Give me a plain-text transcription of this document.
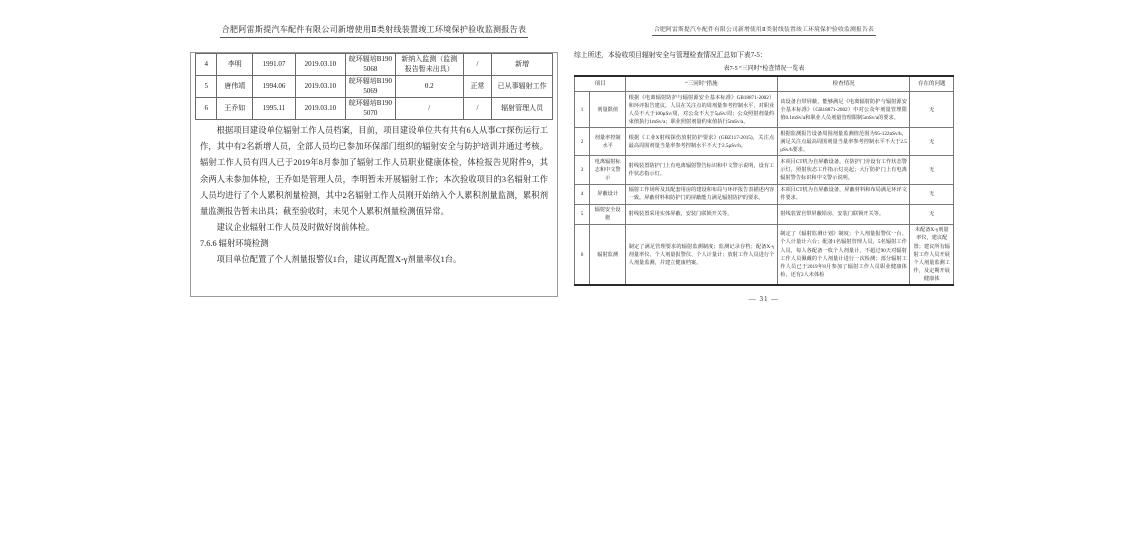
合肥阿雷斯提汽车配件有限公司新增使用Ⅱ类射线装置竣工环境保护验收监测报告表
4	李明	1991.07	2019.03.10	皖环辐培B1905068	新纳入监测（监测报告暂未出具）	/	新增
5	唐伟靖	1994.06	2019.03.10	皖环辐培B1905069	0.2	正常	已从事辐射工作
6	王乔如	1995.11	2019.03.10	皖环辐培B1905070	/	/	辐射管理人员

根据项目建设单位辐射工作人员档案，目前，项目建设单位共有共有6人从事CT探伤运行工作，其中有2名新增人员，全部人员均已参加环保部门组织的辐射安全与防护培训并通过考核。辐射工作人员有四人已于2019年8月参加了辐射工作人员职业健康体检，体检报告见附件9，其余两人未参加体检，王乔如是管理人员，李明暂未开展辐射工作；本次验收项目的3名辐射工作人员均进行了个人累积剂量检测，其中2名辐射工作人员刚开始纳入个人累积剂量监测，累积剂量监测报告暂未出具；截至验收时，未见个人累积剂量检测值异常。

建议企业辐射工作人员及时做好岗前体检。

7.6.6 辐射环境检测

项目单位配置了个人剂量报警仪1台，建议再配置X-γ剂量率仪1台。

合肥阿雷斯提汽车配件有限公司新增使用Ⅱ类射线装置竣工环境保护验收监测报告表
综上所述，本验收项目辐射安全与管理检查情况汇总如下表7-5：
表7-5 “三同时”检查情况一览表
项目		“三同时”措施	检查情况	存在的问题
1	剂量限值	根据《电离辐射防护与辐射源安全基本标准》GB18871-2002）和环评报告建议，人员在关注点的周剂量参考控制水平，对职业人员不大于100μSv/周，对公众不大于5μSv/周；公众照射剂量约束值执行1mSv/a；职业照射剂量约束值执行5mSv/a。	该设备自带屏蔽，能够满足《电离辐射防护与辐射源安全基本标准》（GB18871-2002）中对公众年剂量管理限值0.1mSv/a和职业人员剂量管理限制5mSv/a的要求。	无
2	剂量率控制水平	根据《工业X射线探伤放射防护要求》(GBZ117-2015)，关注点最高周围剂量当量率参考控制水平不大于2.5μSv/h。	根据监测报告设备周围剂量监测值范围为95-122nSv/h，满足关注点最高周围剂量当量率参考控制水平不大于2.5μSv/h要求。	无
3	电离辐射标志和中文警示	射线装置防护门上有电离辐射警告标识和中文警示说明，设有工作状态指示灯。	本项目CT机为自屏蔽设备，在防护门旁设有工作状态警示灯，照射状态工作指示灯亮起；大厅防护门上有电离辐射警告标识和中文警示说明。	无
4	屏蔽设计	辐射工作场所及其配套用房的建设和布局与环评报告表描述内容一致。屏蔽材料和防护门的屏蔽能力满足辐射防护的要求。	本项目CT机为自屏蔽设备，屏蔽材料和布局满足环评文件要求。	无
5	辐射安全设施	射线装置采用实体屏蔽，安装门联锁开关等。	射线装置自带屏蔽铅房，安装门联锁开关等。	无
6	辐射监测	制定了满足管理要求的辐射监测制度；监测记录存档；配备X-γ剂量率仪、个人剂量报警仪、个人计量计；放射工作人员进行个人剂量监测，并建立健康档案。	制定了《辐射监测计划》制度；个人剂量报警仪一台、个人计量计六台；配备1名辐射管理人员，5名辐射工作人员，每人各配备一枚个人剂量计，不超过90天对辐射工作人员佩戴的个人剂量计进行一次检测；部分辐射工作人员已于2019年8月参加了辐射工作人员职业健康体检，还有2人未体检	未配备X-γ剂量率仪，建议配置；建议所有辐射工作人员开展个人剂量监测工作，及定期开展健康体
— 31 —
